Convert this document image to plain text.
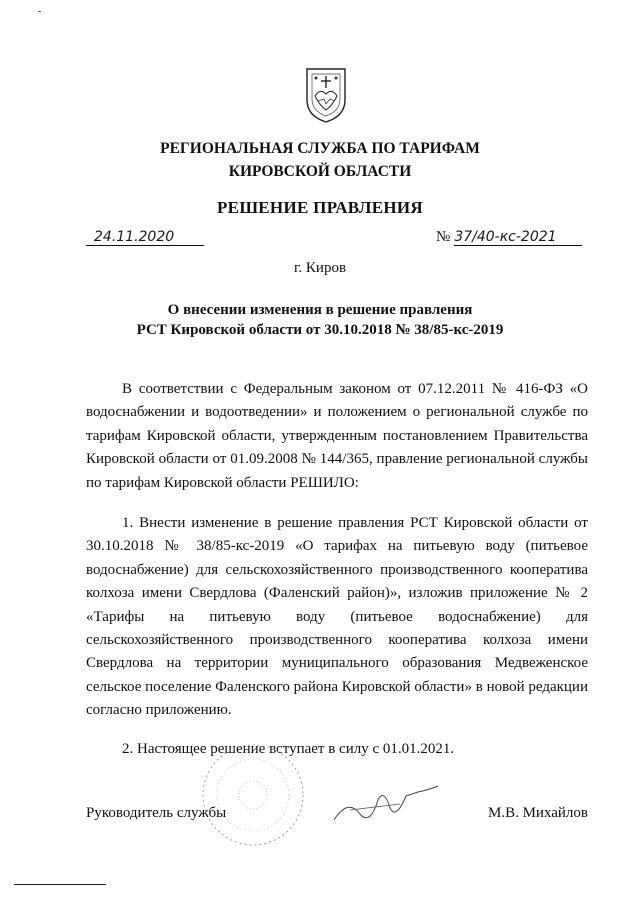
РЕГИОНАЛЬНАЯ СЛУЖБА ПО ТАРИФАМ
КИРОВСКОЙ ОБЛАСТИ
РЕШЕНИЕ ПРАВЛЕНИЯ
24.11.2020	№ 37/40-кс-2021
г. Киров
О внесении изменения в решение правления
РСТ Кировской области от 30.10.2018 № 38/85-кс-2019

В соответствии с Федеральным законом от 07.12.2011 № 416-ФЗ «О водоснабжении и водоотведении» и положением о региональной службе по тарифам Кировской области, утвержденным постановлением Правительства Кировской области от 01.09.2008 № 144/365, правление региональной службы по тарифам Кировской области РЕШИЛО:

1. Внести изменение в решение правления РСТ Кировской области от 30.10.2018 № 38/85-кс-2019 «О тарифах на питьевую воду (питьевое водоснабжение) для сельскохозяйственного производственного кооператива колхоза имени Свердлова (Фаленский район)», изложив приложение № 2 «Тарифы на питьевую воду (питьевое водоснабжение) для сельскохозяйственного производственного кооператива колхоза имени Свердлова на территории муниципального образования Медвеженское сельское поселение Фаленского района Кировской области» в новой редакции согласно приложению.

2. Настоящее решение вступает в силу с 01.01.2021.

Руководитель службы	М.В. Михайлов
